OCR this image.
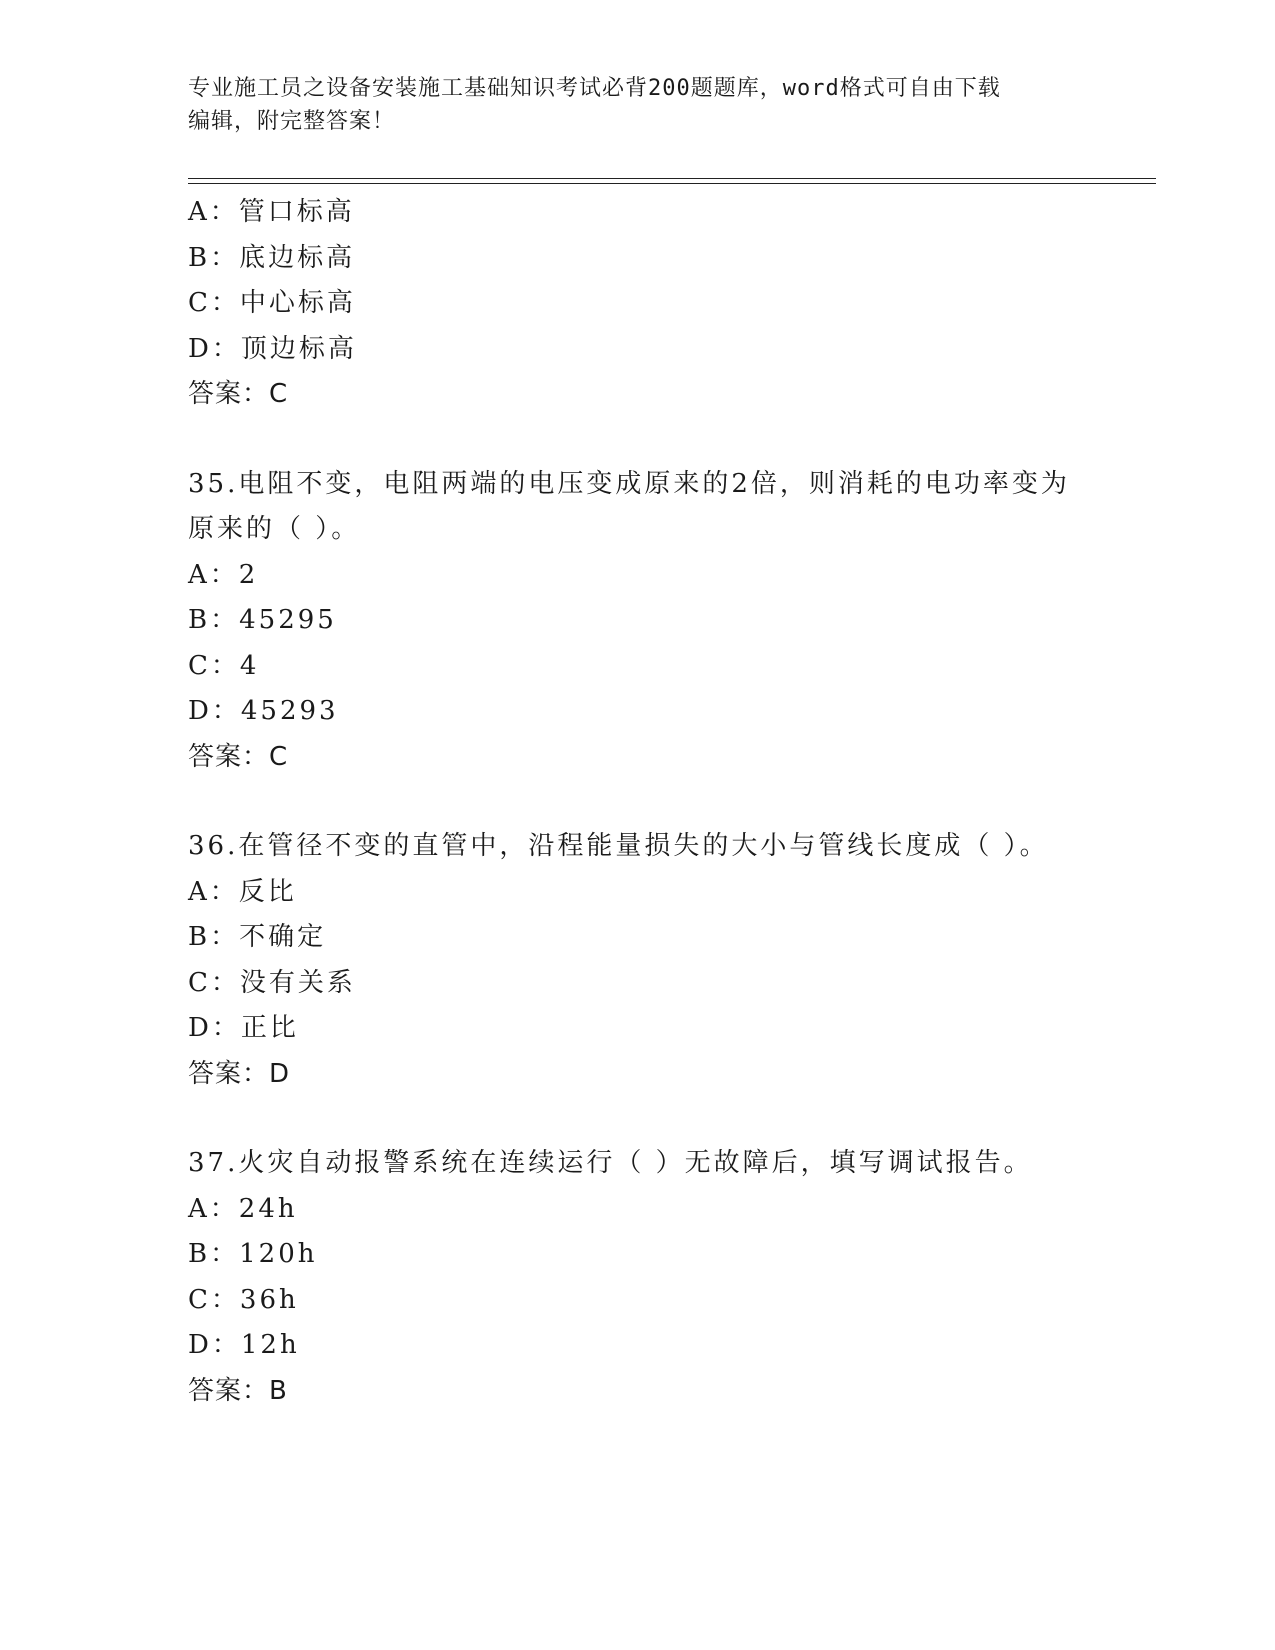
专业施工员之设备安装施工基础知识考试必背200题题库，word格式可自由下载
编辑，附完整答案！
A：管口标高
B：底边标高
C：中心标高
D：顶边标高
答案：C
35.电阻不变，电阻两端的电压变成原来的2倍，则消耗的电功率变为
原来的（ ）。
A：2
B：45295
C：4
D：45293
答案：C
36.在管径不变的直管中，沿程能量损失的大小与管线长度成（ ）。
A：反比
B：不确定
C：没有关系
D：正比
答案：D
37.火灾自动报警系统在连续运行（ ）无故障后，填写调试报告。
A：24h
B：120h
C：36h
D：12h
答案：B
